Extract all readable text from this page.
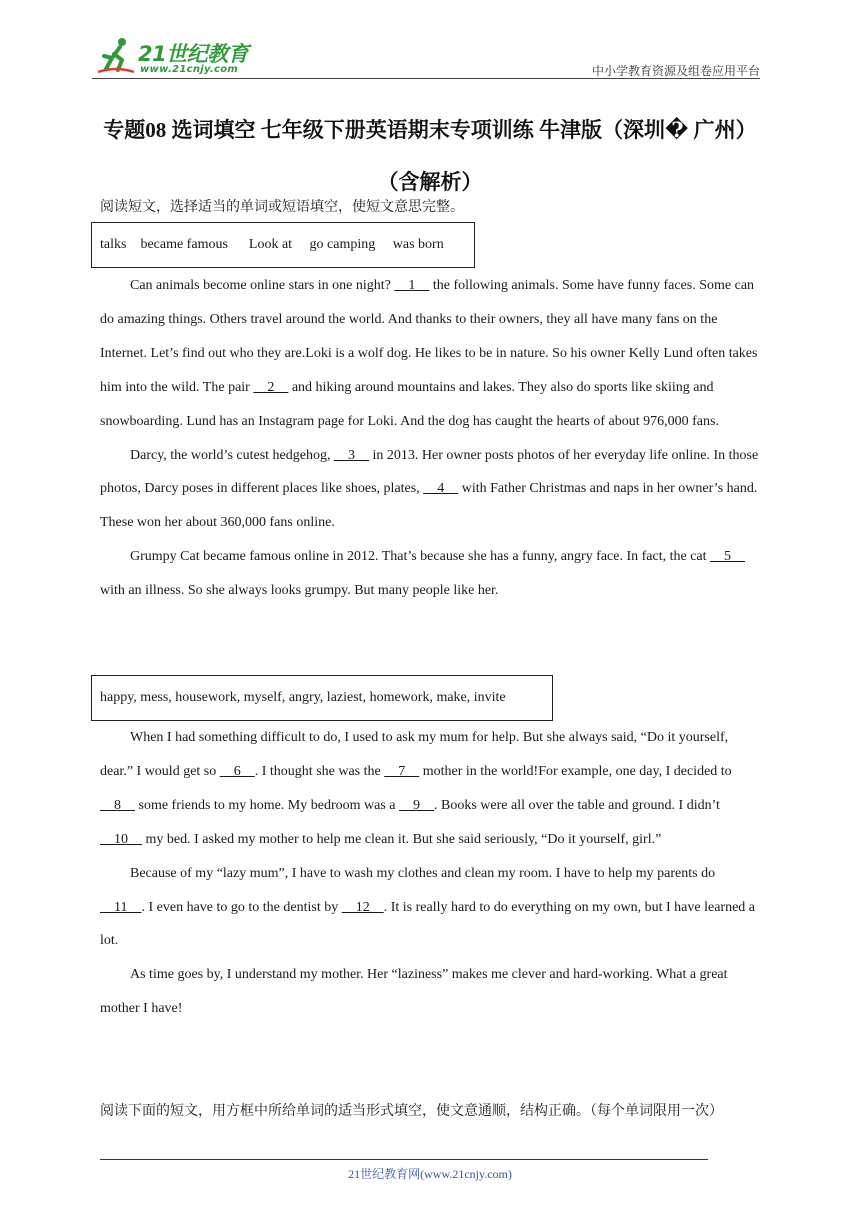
21世纪教育
www.21cnjy.com	中小学教育资源及组卷应用平台
专题08 选词填空 七年级下册英语期末专项训练 牛津版（深圳� 广州）
（含解析）
阅读短文，选择适当的单词或短语填空，使短文意思完整。
talks    became famous      Look at     go camping     was born

Can animals become online stars in one night?  1  the following animals. Some have funny faces. Some can do amazing things. Others travel around the world. And thanks to their owners, they all have many fans on the Internet. Let’s find out who they are.Loki is a wolf dog. He likes to be in nature. So his owner Kelly Lund often takes him into the wild. The pair  2  and hiking around mountains and lakes. They also do sports like skiing and snowboarding. Lund has an Instagram page for Loki. And the dog has caught the hearts of about 976,000 fans.

Darcy, the world’s cutest hedgehog,  3  in 2013. Her owner posts photos of her everyday life online. In those photos, Darcy poses in different places like shoes, plates,  4  with Father Christmas and naps in her owner’s hand. These won her about 360,000 fans online.

Grumpy Cat became famous online in 2012. That’s because she has a funny, angry face. In fact, the cat  5  with an illness. So she always looks grumpy. But many people like her.

happy, mess, housework, myself, angry, laziest, homework, make, invite

When I had something difficult to do, I used to ask my mum for help. But she always said, “Do it yourself, dear.” I would get so  6 . I thought she was the  7  mother in the world!For example, one day, I decided to  8  some friends to my home. My bedroom was a  9 . Books were all over the table and ground. I didn’t  10  my bed. I asked my mother to help me clean it. But she said seriously, “Do it yourself, girl.”

Because of my “lazy mum”, I have to wash my clothes and clean my room. I have to help my parents do  11 . I even have to go to the dentist by  12 . It is really hard to do everything on my own, but I have learned a lot.

As time goes by, I understand my mother. Her “laziness” makes me clever and hard-working. What a great mother I have!

阅读下面的短文，用方框中所给单词的适当形式填空，使文意通顺，结构正确。（每个单词限用一次）
21世纪教育网(www.21cnjy.com)
